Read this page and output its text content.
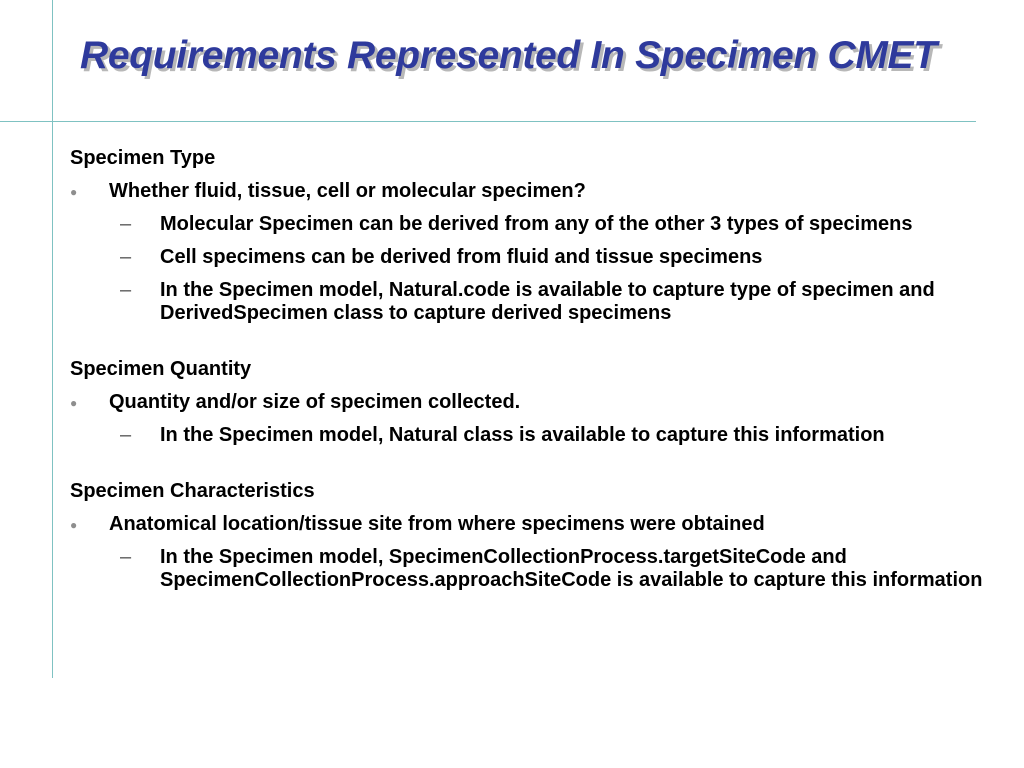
Requirements Represented In Specimen CMET

Specimen Type

● Whether fluid, tissue, cell or molecular specimen?
– Molecular Specimen can be derived from any of the other 3 types of specimens
– Cell specimens can be derived from fluid and tissue specimens
– In the Specimen model, Natural.code is available to capture type of specimen and DerivedSpecimen class to capture derived specimens

Specimen Quantity

● Quantity and/or size of specimen collected.
– In the Specimen model, Natural class is available to capture this information

Specimen Characteristics

● Anatomical location/tissue site from where specimens were obtained
– In the Specimen model, SpecimenCollectionProcess.targetSiteCode and SpecimenCollectionProcess.approachSiteCode is available to capture this information
